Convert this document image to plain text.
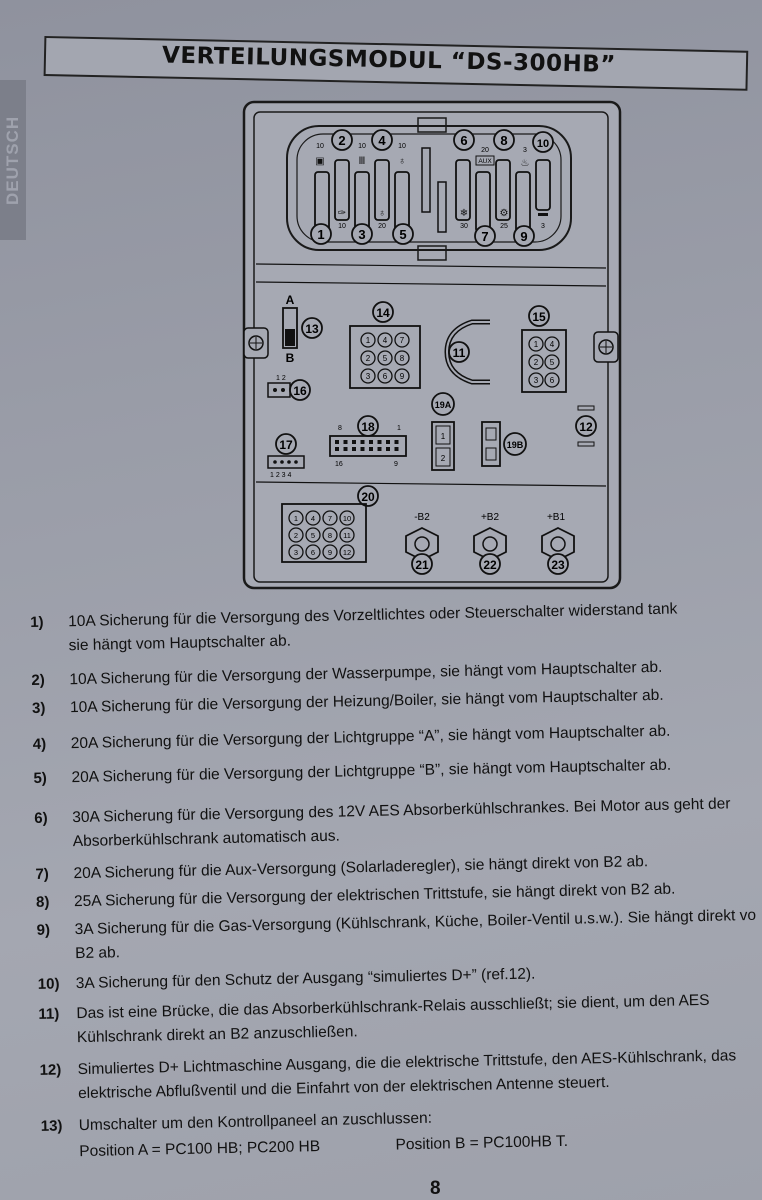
DEUTSCH
VERTEILUNGSMODUL “DS-300HB”
2	4	6	8	10
10	10	10
20	3
AUX
▣	Ⅲ	♁	♨
✑	♁	❄	⚙	▬
10	20	30	25	3
1	3	5	7 9
A
B
13
14
1 4 7
2 5 8
3 6 9
11
15
1 4
2 5
3 6
1 2
16
19A
1
2
19B
12
8	1
18
16	9
17
1 2 3 4
20
1 4 7 10
2 5 8 11
3 6 9 12
-B2	+B2	+B1
21	22	23
1) 10A Sicherung für die Versorgung des Vorzeltlichtes oder Steuerschalter widerstand tank
sie hängt vom Hauptschalter ab.
2) 10A Sicherung für die Versorgung der Wasserpumpe, sie hängt vom Hauptschalter ab.
3) 10A Sicherung für die Versorgung der Heizung/Boiler, sie hängt vom Hauptschalter ab.
4) 20A Sicherung für die Versorgung der Lichtgruppe “A”, sie hängt vom Hauptschalter ab.
5) 20A Sicherung für die Versorgung der Lichtgruppe “B”, sie hängt vom Hauptschalter ab.
6) 30A Sicherung für die Versorgung des 12V AES Absorberkühlschrankes. Bei Motor aus geht der
Absorberkühlschrank automatisch aus.
7) 20A Sicherung für die Aux-Versorgung (Solarladeregler), sie hängt direkt von B2 ab.
8) 25A Sicherung für die Versorgung der elektrischen Trittstufe, sie hängt direkt von B2 ab.
9) 3A Sicherung für die Gas-Versorgung (Kühlschrank, Küche, Boiler-Ventil u.s.w.). Sie hängt direkt vo
B2 ab.
10) 3A Sicherung für den Schutz der Ausgang “simuliertes D+” (ref.12).
11) Das ist eine Brücke, die das Absorberkühlschrank-Relais ausschließt; sie dient, um den AES
Kühlschrank direkt an B2 anzuschließen.
12) Simuliertes D+ Lichtmaschine Ausgang, die die elektrische Trittstufe, den AES-Kühlschrank, das
elektrische Abflußventil und die Einfahrt von der elektrischen Antenne steuert.
13) Umschalter um den Kontrollpaneel an zuschlussen:
Position A = PC100 HB; PC200 HB	Position B = PC100HB T.
8
